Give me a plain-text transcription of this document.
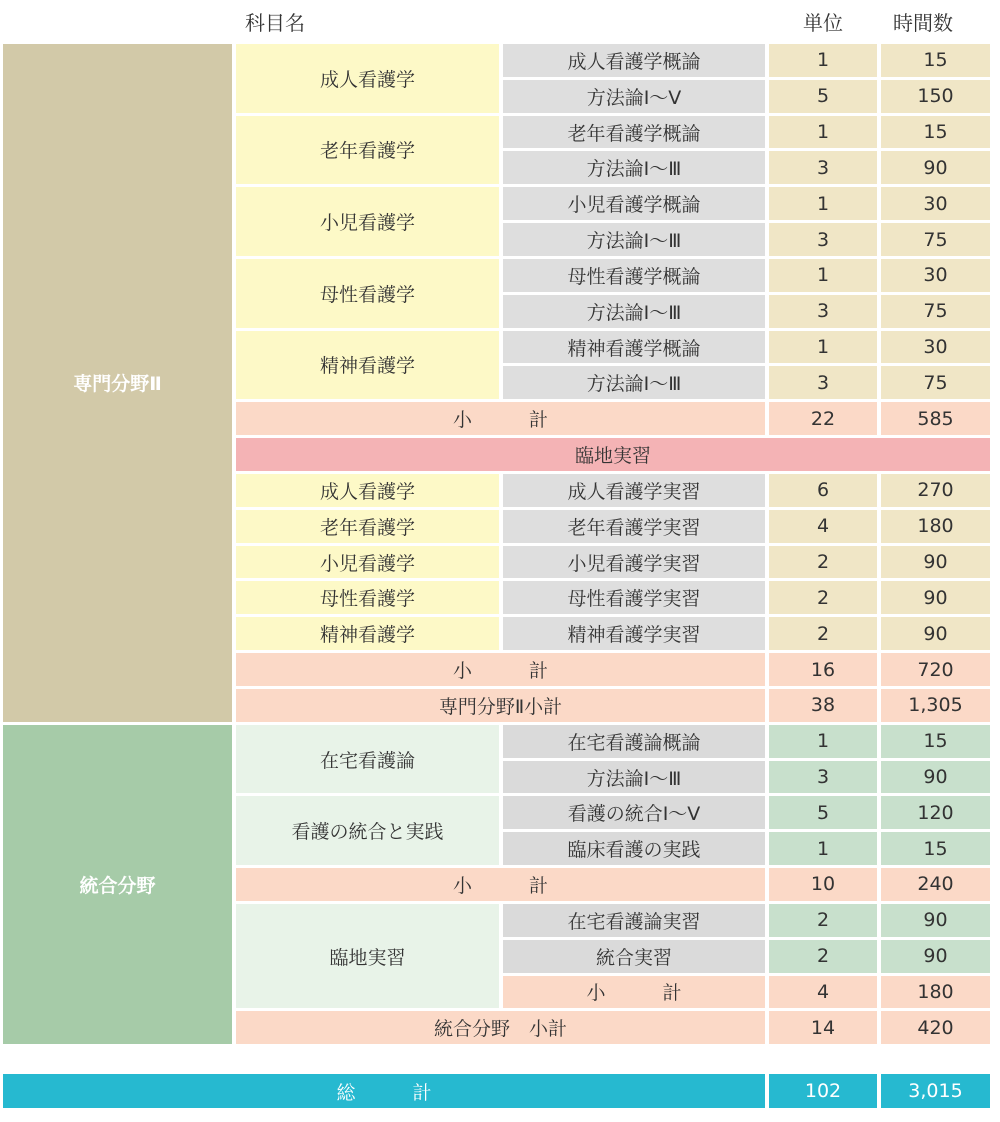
科目名	単位	時間数
成人看護学
成人看護学概論	1	15
方法論Ⅰ～Ⅴ	5	150
老年看護学
老年看護学概論	1	15
方法論Ⅰ～Ⅲ	3	90
小児看護学
小児看護学概論	1	30
方法論Ⅰ～Ⅲ	3	75
母性看護学
母性看護学概論	1	30
方法論Ⅰ～Ⅲ	3	75
精神看護学
精神看護学概論	1	30
方法論Ⅰ～Ⅲ	3	75
小　　　計	22	585
臨地実習
成人看護学	成人看護学実習	6	270
老年看護学	老年看護学実習	4	180
小児看護学	小児看護学実習	2	90
母性看護学	母性看護学実習	2	90
精神看護学	精神看護学実習	2	90
小　　　計	16	720
専門分野Ⅱ小計	38	1,305
専門分野Ⅱ
在宅看護論
在宅看護論概論	1	15
方法論Ⅰ～Ⅲ	3	90
看護の統合と実践
看護の統合Ⅰ～Ⅴ	5	120
臨床看護の実践	1	15
小　　　計	10	240
臨地実習
在宅看護論実習	2	90
統合実習	2	90
小　　　計	4	180
統合分野　小計	14	420
統合分野
総　　　計	102	3,015
